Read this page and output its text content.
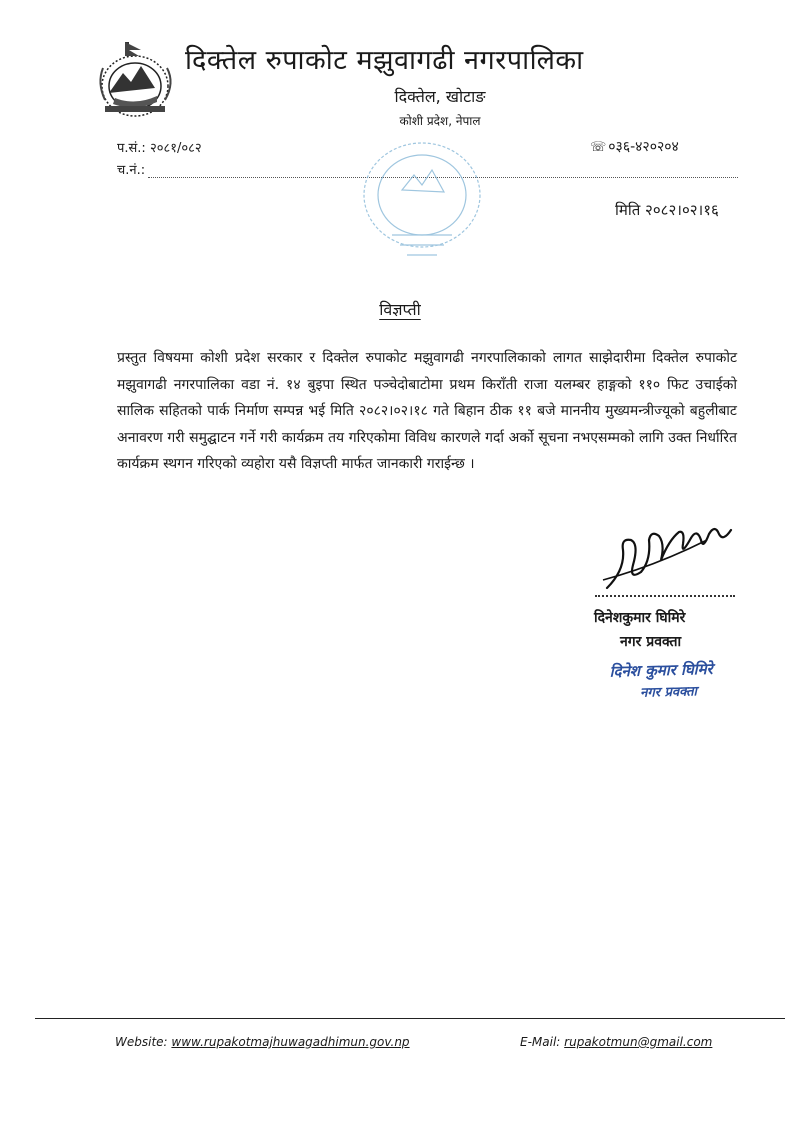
दिक्तेल रुपाकोट मझुवागढी नगरपालिका
दिक्तेल, खोटाङ
कोशी प्रदेश, नेपाल
प.सं.: २०८१/०८२
च.नं.:
☏ ०३६-४२०२०४
मिति २०८२।०२।१६
विज्ञप्ती
प्रस्तुत विषयमा कोशी प्रदेश सरकार र दिक्तेल रुपाकोट मझुवागढी नगरपालिकाको लागत साझेदारीमा दिक्तेल रुपाकोट मझुवागढी नगरपालिका वडा नं. १४ बुइपा स्थित पञ्चेदोबाटोमा प्रथम किराँती राजा यलम्बर हाङ्गको ११० फिट उचाईको सालिक सहितको पार्क निर्माण सम्पन्न भई मिति २०८२।०२।१८ गते बिहान ठीक ११ बजे माननीय मुख्यमन्त्रीज्यूको बहुलीबाट अनावरण गरी समुद्घाटन गर्ने गरी कार्यक्रम तय गरिएकोमा विविध कारणले गर्दा अर्को सूचना नभएसम्मको लागि उक्त निर्धारित कार्यक्रम स्थगन गरिएको व्यहोरा यसै विज्ञप्ती मार्फत जानकारी गराईन्छ ।
दिनेशकुमार घिमिरे
नगर प्रवक्ता
दिनेश कुमार घिमिरे
नगर प्रवक्ता
Website: www.rupakotmajhuwagadhimun.gov.np	E-Mail: rupakotmun@gmail.com
